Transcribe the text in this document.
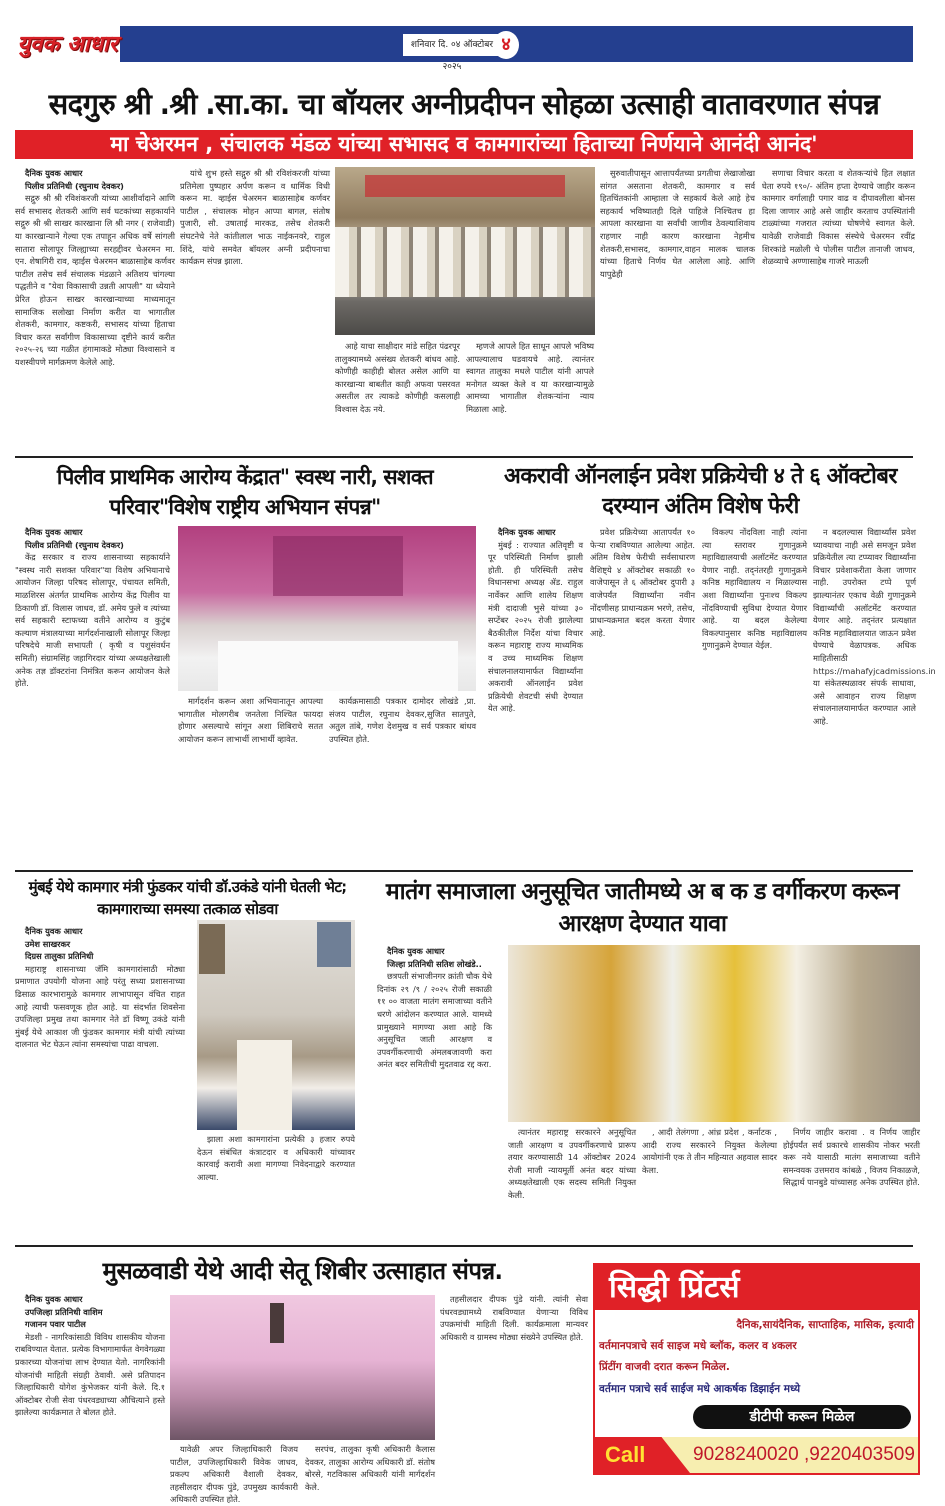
युवक आधार	शनिवार दि. ०४ ऑक्टोबर २०२५
४
सदगुरु श्री .श्री .सा.का. चा बॉयलर अग्नीप्रदीपन सोहळा उत्साही वातावरणात संपन्न
मा चेअरमन , संचालक मंडळ यांच्या सभासद व कामगारांच्या हिताच्या निर्णयाने आनंदी आनंद'
दैनिक युवक आधार
पिलीव प्रतिनिधी (रघुनाथ देवकर)

सद्गुरु श्री श्री रविशंकरजी यांच्या आशीर्वादाने आणि सर्व सभासद शेतकरी आणि सर्व घटकांच्या सहकार्याने सद्गुरु श्री श्री साखर कारखाना लि श्री नगर ( राजेवाडी) या कारखान्याने गेल्या एक तपाहून अधिक वर्षे सांगली सातारा सोलापूर जिल्ह्याच्या सरहद्दीवर चेअरमन मा. एन. शेषागिरी राव, व्हाईस चेअरमन बाळासाहेब कर्णवर पाटील तसेच सर्व संचालक मंडळाने अतिशय चांगल्या पद्धतीने व "येवा विकासाची उन्नती आपली" या ध्येयाने प्रेरित होऊन साखर कारखान्याच्या माध्यमातून सामाजिक सलोखा निर्माण करीत या भागातील शेतकरी, कामगार, कष्टकरी, सभासद यांच्या हिताचा विचार करत सर्वांगीण विकासाच्या दृष्टीने कार्य करीत २०२५-२६ च्या गळीत हंगामाकडे मोठ्या विश्वासाने व यशस्वीपणे मार्गक्रमण केलेले आहे.

यांचे शुभ हस्ते सद्गुरु श्री श्री रविशंकरजी यांच्या प्रतिमेला पुष्पहार अर्पण करून व धार्मिक विधी करून मा. व्हाईस चेअरमन बाळासाहेब कर्णवर पाटील , संचालक मोहन आप्पा बागल, संतोष पुजारी, सौ. उषाताई मारकड, तसेच शेतकरी संघटनेचे नेते कांतीलाल भाऊ नाईकनवरे, राहुल शिंदे, यांचे समवेत बॉयलर अग्नी प्रदीपनाचा कार्यक्रम संपन्न झाला.

आहे याचा साक्षीदार मांडे सहित पंढरपूर तालुक्यामध्ये असंख्य शेतकरी बांधव आहे. कोणीही काहीही बोलत असेल आणि या कारखान्या बाबतीत काही अफवा पसरवत असतील तर त्याकडे कोणीही कसलाही विश्वास देऊ नये.

म्हणजे आपले हित साधून आपले भविष्य आपल्यालाच घडवायचे आहे. त्यानंतर स्वागत तालुका मधले पाटील यांनी आपले मनोगत व्यक्त केले व या कारखान्यामुळे आमच्या भागातील शेतकऱ्यांना न्याय मिळाला आहे.

सुरुवातीपासून आत्तापर्यंतच्या प्रगतीचा लेखाजोखा सांगत असताना शेतकरी, कामगार व सर्व हितचिंतकांनी आम्हाला जे सहकार्य केले आहे हेच सहकार्य भविष्यातही दिले पाहिजे निश्चितच हा आपला कारखाना या सर्वांची जाणीव ठेवल्याशिवाय राहणार नाही कारण कारखाना नेहमीच शेतकरी,सभासद, कामगार,वाहन मालक चालक यांच्या हिताचे निर्णय घेत आलेला आहे. आणि यापुढेही

सणाचा विचार करता व शेतकऱ्यांचे हित लक्षात घेता रुपये १९०/- अंतिम हप्ता देण्याचे जाहीर करून कामगार वर्गालाही पगार वाढ व दीपावलीला बोनस दिला जाणार आहे असे जाहीर करताच उपस्थितांनी टाळ्यांच्या गजरात त्यांच्या घोषणेचे स्वागत केले. यावेळी राजेवाडी विकास संस्थेचे चेअरमन रवींद्र शिरकांडे मळोली चे पोलीस पाटील तानाजी जाधव, शेळव्याचे अण्णासाहेब गाजरे माऊली

पिलीव प्राथमिक आरोग्य केंद्रात" स्वस्थ नारी, सशक्त परिवार"विशेष राष्ट्रीय अभियान संपन्न"
दैनिक युवक आधार
पिलीव प्रतिनिधी (रघुनाथ देवकर)

केंद्र सरकार व राज्य शासनाच्या सहकार्याने "स्वस्थ नारी सशक्त परिवार"या विशेष अभियानाचे आयोजन जिल्हा परिषद सोलापूर, पंचायत समिती, माळशिरस अंतर्गत प्राथमिक आरोग्य केंद्र पिलीव या ठिकाणी डॉ. विलास जाधव, डॉ. अमेय फुले व त्यांच्या सर्व सहकारी स्टाफच्या वतीने आरोग्य व कुटुंब कल्याण मंत्रालयाच्या मार्गदर्शनाखाली सोलापूर जिल्हा परिषदेचे माजी सभापती ( कृषी व पशुसंवर्धन समिती) संग्रामसिंह जहागिरदार यांच्या अध्यक्षतेखाली अनेक तज्ञ डॉक्टरांना निमंत्रित करून आयोजन केले होते.

मार्गदर्शन करून अशा अभियानातून आपल्या भागातील मोलगरीब जनतेला निश्चित फायदा होणार असल्याचे सांगून अशा शिबिराचे सतत आयोजन करून लाभार्थी लाभार्थी व्हावेत.

कार्यक्रमासाठी पत्रकार दामोदर लोखंडे ,प्रा. संजय पाटील, रघुनाथ देवकर,सुजित सातपुते, अतुल तांबे, गणेश देशमुख व सर्व पत्रकार बांधव उपस्थित होते.

अकरावी ऑनलाईन प्रवेश प्रक्रियेची ४ ते ६ ऑक्टोबर दरम्यान अंतिम विशेष फेरी
दैनिक युवक आधार

मुंबई : राज्यात अतिवृष्टी व पूर परिस्थिती निर्माण झाली होती. ही परिस्थिती तसेच विधानसभा अध्यक्ष ॲड. राहुल नार्वेकर आणि शालेय शिक्षण मंत्री दादाजी भुसे यांच्या ३० सप्टेंबर २०२५ रोजी झालेल्या बैठकीतील निर्देश यांचा विचार करून महाराष्ट्र राज्य माध्यमिक व उच्च माध्यमिक शिक्षण संचालनालयामार्फत विद्यार्थ्यांना अकरावी ऑनलाईन प्रवेश प्रक्रियेची शेवटची संधी देण्यात येत आहे.

प्रवेश प्रक्रियेच्या आतापर्यंत १० फेऱ्या राबविण्यात आलेल्या आहेत. अंतिम विशेष फेरीची सर्वसाधारण वैशिष्ट्ये ४ ऑक्टोबर सकाळी १० वाजेपासून ते ६ ऑक्टोबर दुपारी ३ वाजेपर्यंत विद्यार्थ्यांना नवीन नोंदणीसह प्राधान्यक्रम भरणे, तसेच, प्राधान्यक्रमात बदल करता येणार आहे.

विकल्प नोंदविला नाही त्यांना त्या स्तरावर गुणानुक्रमे महाविद्यालयाची अलॉटमेंट करण्यात येणार नाही. तद्नंतरही गुणानुक्रमे कनिष्ठ महाविद्यालय न मिळाल्यास अशा विद्यार्थ्यांना पुनःश्च विकल्प नोंदविण्याची सुविधा देण्यात येणार आहे. या बदल केलेल्या विकल्पानुसार कनिष्ठ महाविद्यालय गुणानुक्रमे देण्यात येईल.

न बदलल्यास विद्यार्थ्यांस प्रवेश घ्यावयाचा नाही असे समजून प्रवेश प्रक्रियेतील त्या टप्प्यावर विद्यार्थ्यांना विचार प्रवेशाकरीता केला जाणार नाही. उपरोक्त टप्पे पूर्ण झाल्यानंतर एकाच वेळी गुणानुक्रमे विद्यार्थ्यांची अलॉटमेंट करण्यात येणार आहे. तद्नंतर प्रत्यक्षात कनिष्ठ महाविद्यालयात जाऊन प्रवेश घेण्याचे वेळापत्रक. अधिक माहितीसाठी https://mahafyjcadmissions.in या संकेतस्थळावर संपर्क साधावा, असे आवाहन राज्य शिक्षण संचालनालयामार्फत करण्यात आले आहे.

मुंबई येथे कामगार मंत्री फुंडकर यांची डॉ.उकंडे यांनी घेतली भेट; कामगाराच्या समस्या तत्काळ सोडवा
दैनिक युवक आधार
उमेश साखरकर
दिग्रस तालुका प्रतिनिधी

महाराष्ट्र शासनाच्या जॅमि कामगारांसाठी मोठ्या प्रमाणात उपयोगी योजना आहे परंतु सध्या प्रशासनाच्या ढिसाळ कारभारामुळे कामगार लाभापासून वंचित राहत आहे त्याची फसवणूक होत आहे. या संदर्भात शिवसेना उपजिल्हा प्रमुख तथा कामगार नेते डॉ विष्णू उकंडे यांनी मुंबई येथे आकाश जी फुंडकर कामगार मंत्री यांची त्यांच्या दालनात भेट घेऊन त्यांना समस्यांचा पाढा वाचला.

झाला अशा कामगारांना प्रत्येकी ३ हजार रुपये देऊन संबंधित कंत्राटदार व अधिकारी यांच्यावर कारवाई करावी अशा मागण्या निवेदनाद्वारे करण्यात आल्या.

मातंग समाजाला अनुसूचित जातीमध्ये अ ब क ड वर्गीकरण करून आरक्षण देण्यात यावा
दैनिक युवक आधार
जिल्हा प्रतिनिधी सतिश लोखंडे..

छत्रपती संभाजीनगर क्रांती चौक येथे दिनांक २९ /९ / २०२५ रोजी सकाळी ११ ०० वाजता मातंग समाजाच्या वतीने धरणे आंदोलन करण्यात आले. यामध्ये प्रामुख्याने मागण्या अशा आहे कि अनुसूचित जाती आरक्षण व उपवर्गीकरणाची अंमलबजावणी करा अनंत बदर समितीची मुदतवाढ रद्द करा.

त्यानंतर महाराष्ट्र सरकारने अनुसूचित जाती आरक्षण व उपवर्गीकरणाचे प्रारूप तयार करण्यासाठी 14 ऑक्टोबर 2024 रोजी माजी न्यायमूर्ती अनंत बदर यांच्या अध्यक्षतेखाली एक सदस्य समिती नियुक्त केली.

, आदी तेलंगणा , आंध्र प्रदेश , कर्नाटक , आदी राज्य सरकारने नियुक्त केलेल्या आयोगांनी एक ते तीन महिन्यात अहवाल सादर केला.

निर्णय जाहीर करावा . व निर्णय जाहीर होईपर्यंत सर्व प्रकारचे शासकीय नोकर भरती करू नये यासाठी मातंग समाजाच्या वतीने समन्वयक उत्तमराव कांबळे , विजय निकाळजे, सिद्धार्थ पानबुडे यांच्यासह अनेक उपस्थित होते.

मुसळवाडी येथे आदी सेतू शिबीर उत्साहात संपन्न.
दैनिक युवक आधार
उपजिल्हा प्रतिनिधी वाशिम
गजानन पवार पाटील

मेडशी - नागरिकांसाठी विविध शासकीय योजना राबविण्यात येतात. प्रत्येक विभागामार्फत वेगवेगळ्या प्रकारच्या योजनांचा लाभ देण्यात येतो. नागरिकांनी योजनांची माहिती संग्रही ठेवावी. असे प्रतिपादन जिल्हाधिकारी योगेश कुंभेजकर यांनी केले. दि.१ ऑक्टोबर रोजी सेवा पंधरवड्याच्या औचित्याने हस्ते झालेल्या कार्यक्रमात ते बोलत होते.

यावेळी अपर जिल्हाधिकारी विजय पाटील, उपजिल्हाधिकारी विवेक जाधव, प्रकल्प अधिकारी वैशाली देवकर, तहसीलदार दीपक पुंडे, उपमुख्य कार्यकारी अधिकारी उपस्थित होते.

सरपंच, तालुका कृषी अधिकारी कैलास देवकर, तालुका आरोग्य अधिकारी डॉ. संतोष बोरसे, गटविकास अधिकारी यांनी मार्गदर्शन केले.

तहसीलदार दीपक पुंडे यांनी. त्यांनी सेवा पंधरवड्यामध्ये राबविण्यात येणाऱ्या विविध उपक्रमांची माहिती दिली. कार्यक्रमाला मान्यवर अधिकारी व ग्रामस्थ मोठ्या संख्येने उपस्थित होते.

सिद्धी प्रिंटर्स
दैनिक,सायंदैनिक, साप्ताहिक, मासिक, इत्यादी
वर्तमानपत्राचे सर्व साइज मधे ब्लॉक, कलर व ४कलर
प्रिंटींग वाजवी दरात करून मिळेल.
वर्तमान पत्राचे सर्व साईज मधे आकर्षक डिझाईन मध्ये
डीटीपी करून मिळेल
Call	9028240020 ,9220403509
